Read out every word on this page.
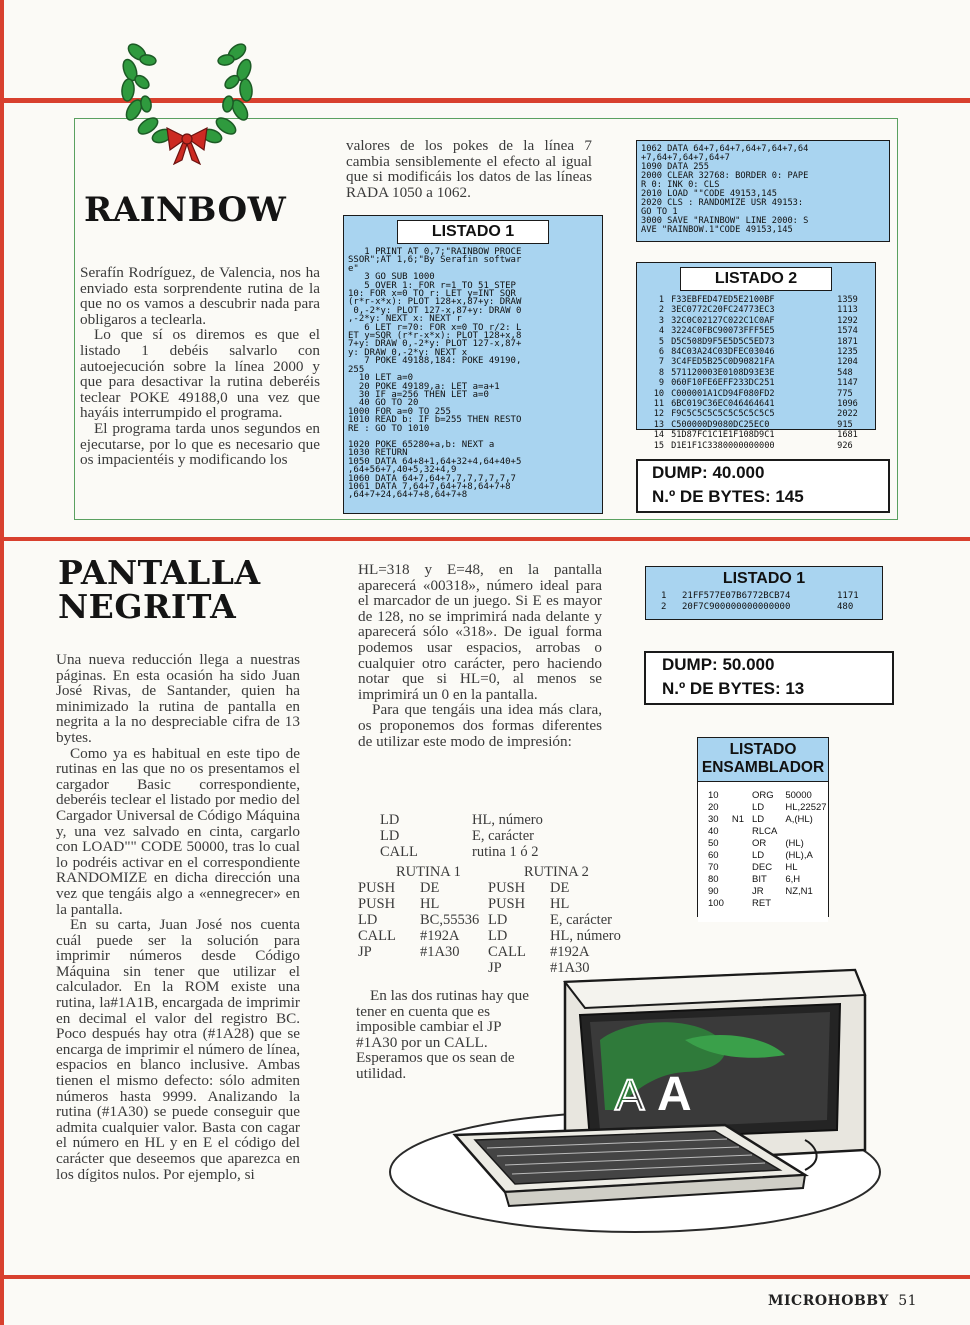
RAINBOW

Serafín Rodríguez, de Valencia, nos ha enviado esta sorprendente rutina de la que no os vamos a descubrir nada para obligaros a teclearla.

Lo que sí os diremos es que el listado 1 debéis salvarlo con autoejecución sobre la línea 2000 y que para desactivar la rutina deberéis teclear POKE 49188,0 una vez que hayáis interrumpido el programa.

El programa tarda unos segundos en ejecutarse, por lo que es necesario que os impacientéis y modificando los

valores de los pokes de la línea 7 cambia sensiblemente el efecto al igual que si modificáis los datos de las líneas RADA 1050 a 1062.
LISTADO 1
1 PRINT AT 0,7;"RAINBOW PROCE
SSOR";AT 1,6;"By Serafin softwar
e"
3 GO SUB 1000
5 OVER 1: FOR r=1 TO 51 STEP
10: FOR x=0 TO r: LET y=INT SQR
(r*r-x*x): PLOT 128+x,87+y: DRAW
0,-2*y: PLOT 127-x,87+y: DRAW 0
,-2*y: NEXT x: NEXT r
6 LET r=70: FOR x=0 TO r/2: L
ET y=SQR (r*r-x*x): PLOT 128+x,8
7+y: DRAW 0,-2*y: PLOT 127-x,87+
y: DRAW 0,-2*y: NEXT x
7 POKE 49188,184: POKE 49190,
255
10 LET a=0
20 POKE 49189,a: LET a=a+1
30 IF a=256 THEN LET a=0
40 GO TO 20
1000 FOR a=0 TO 255
1010 READ b: IF b=255 THEN RESTO
RE : GO TO 1010
1020 POKE 65280+a,b: NEXT a
1030 RETURN
1050 DATA 64+8+1,64+32+4,64+40+5
,64+56+7,40+5,32+4,9
1060 DATA 64+7,64+7,7,7,7,7,7,7
1061 DATA 7,64+7,64+7+8,64+7+8
,64+7+24,64+7+8,64+7+8
1062 DATA 64+7,64+7,64+7,64+7,64
+7,64+7,64+7,64+7
1090 DATA 255
2000 CLEAR 32768: BORDER 0: PAPE
R 0: INK 0: CLS
2010 LOAD ""CODE 49153,145
2020 CLS : RANDOMIZE USR 49153:
GO TO 1
3000 SAVE "RAINBOW" LINE 2000: S
AVE "RAINBOW.1"CODE 49153,145
LISTADO 2
1	F33EBFED47ED5E2100BF	1359
2	3EC0772C20FC24773EC3	1113
3	32C0C02127C022C1C0AF	1292
4	3224C0FBC90073FFF5E5	1574
5	D5C508D9F5E5D5C5ED73	1871
6	84C03A24C03DFEC03046	1235
7	3C4FED5B25C0D90821FA	1204
8	571120003E0108D93E3E	548
9	060F10FE6EFF233DC251	1147
10	C000001A1CD94F080FD2	775
11	6BC019C36EC046464641	1096
12	F9C5C5C5C5C5C5C5C5C5	2022
13	C500000D9080DC25EC0	915
14	51D87FC1C1E1F108D9C1	1681
15	D1E1F1C3380000000000	926
DUMP: 40.000
N.º DE BYTES: 145
PANTALLA
NEGRITA

Una nueva reducción llega a nuestras páginas. En esta ocasión ha sido Juan José Rivas, de Santander, quien ha minimizado la rutina de pantalla en negrita a la no despreciable cifra de 13 bytes.

Como ya es habitual en este tipo de rutinas en las que no os presentamos el cargador Basic correspondiente, deberéis teclear el listado por medio del Cargador Universal de Código Máquina y, una vez salvado en cinta, cargarlo con LOAD"" CODE 50000, tras lo cual lo podréis activar en el correspondiente RANDOMIZE en dicha dirección una vez que tengáis algo a «ennegrecer» en la pantalla.

En su carta, Juan José nos cuenta cuál puede ser la solución para imprimir números desde Código Máquina sin tener que utilizar el calculador. En la ROM existe una rutina, la#1A1B, encargada de imprimir en decimal el valor del registro BC. Poco después hay otra (#1A28) que se encarga de imprimir el número de línea, espacios en blanco inclusive. Ambas tienen el mismo defecto: sólo admiten números hasta 9999. Analizando la rutina (#1A30) se puede conseguir que admita cualquier valor. Basta con cagar el número en HL y en E el código del carácter que deseemos que aparezca en los dígitos nulos. Por ejemplo, si

HL=318 y E=48, en la pantalla aparecerá «00318», número ideal para el marcador de un juego. Si E es mayor de 128, no se imprimirá nada delante y aparecerá sólo «318». De igual forma podemos usar espacios, arrobas o cualquier otro carácter, pero haciendo notar que si HL=0, al menos se imprimirá un 0 en la pantalla.

Para que tengáis una idea más clara, os proponemos dos formas diferentes de utilizar este modo de impresión:

LD	HL, número
LD	E, carácter
CALL	rutina 1 ó 2
RUTINA 1
PUSH	DE
PUSH	HL
LD	BC,55536
CALL	#192A
JP	#1A30
RUTINA 2
PUSH	DE
PUSH	HL
LD	E, carácter
LD	HL, número
CALL	#192A
JP	#1A30
En las dos rutinas hay que tener en cuenta que es imposible cambiar el JP #1A30 por un CALL. Esperamos que os sean de utilidad.
LISTADO 1
1	21FF577E07B6772BCB74	1171
2	20F7C900000000000000	480
DUMP: 50.000
N.º DE BYTES: 13
LISTADO
ENSAMBLADOR
10		ORG	50000
20		LD	HL,22527
30	N1	LD	A,(HL)
40		RLCA	
50		OR	(HL)
60		LD	(HL),A
70		DEC	HL
80		BIT	6,H
90		JR	NZ,N1
100		RET	
A A
MICROHOBBY 51
